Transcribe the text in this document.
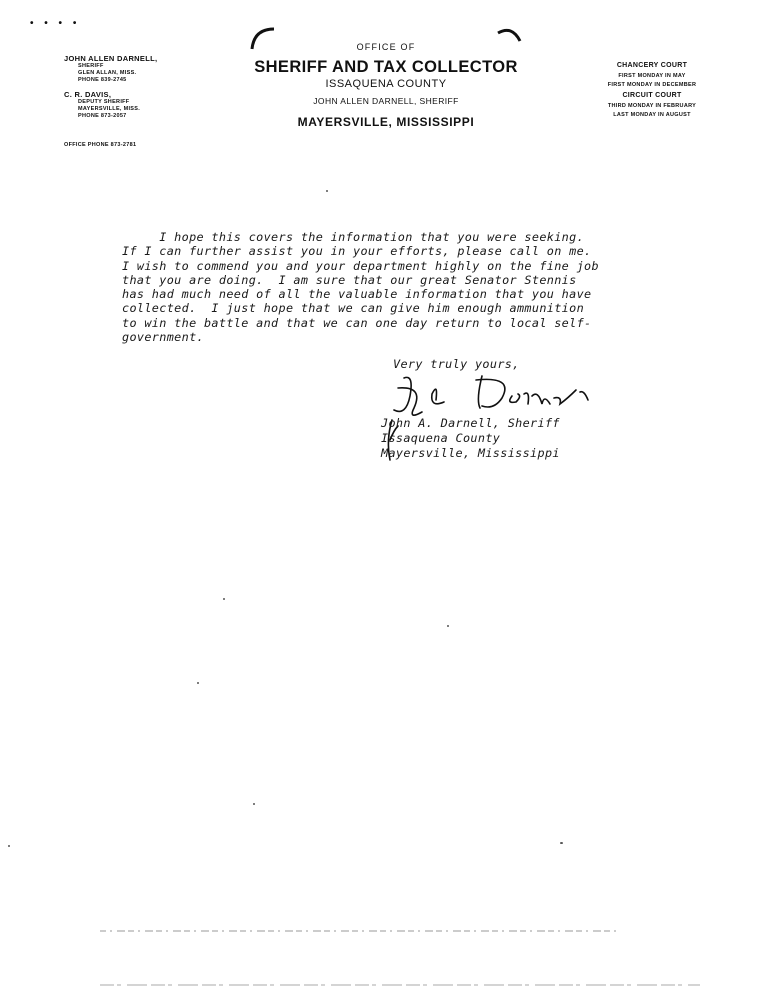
• • • •
JOHN ALLEN DARNELL,
SHERIFF
GLEN ALLAN, MISS.
PHONE 839-2745
C. R. DAVIS,
DEPUTY SHERIFF
MAYERSVILLE, MISS.
PHONE 873-2057
OFFICE PHONE 873-2781
OFFICE OF
SHERIFF AND TAX COLLECTOR
ISSAQUENA COUNTY
JOHN ALLEN DARNELL, SHERIFF
MAYERSVILLE, MISSISSIPPI
CHANCERY COURT
FIRST MONDAY IN MAY
FIRST MONDAY IN DECEMBER
CIRCUIT COURT
THIRD MONDAY IN FEBRUARY
LAST MONDAY IN AUGUST
I hope this covers the information that you were seeking.
If I can further assist you in your efforts, please call on me.
I wish to commend you and your department highly on the fine job
that you are doing.  I am sure that our great Senator Stennis
has had much need of all the valuable information that you have
collected.  I just hope that we can give him enough ammunition
to win the battle and that we can one day return to local self-
government.
Very truly yours,
John A. Darnell, Sheriff
Issaquena County
Mayersville, Mississippi
